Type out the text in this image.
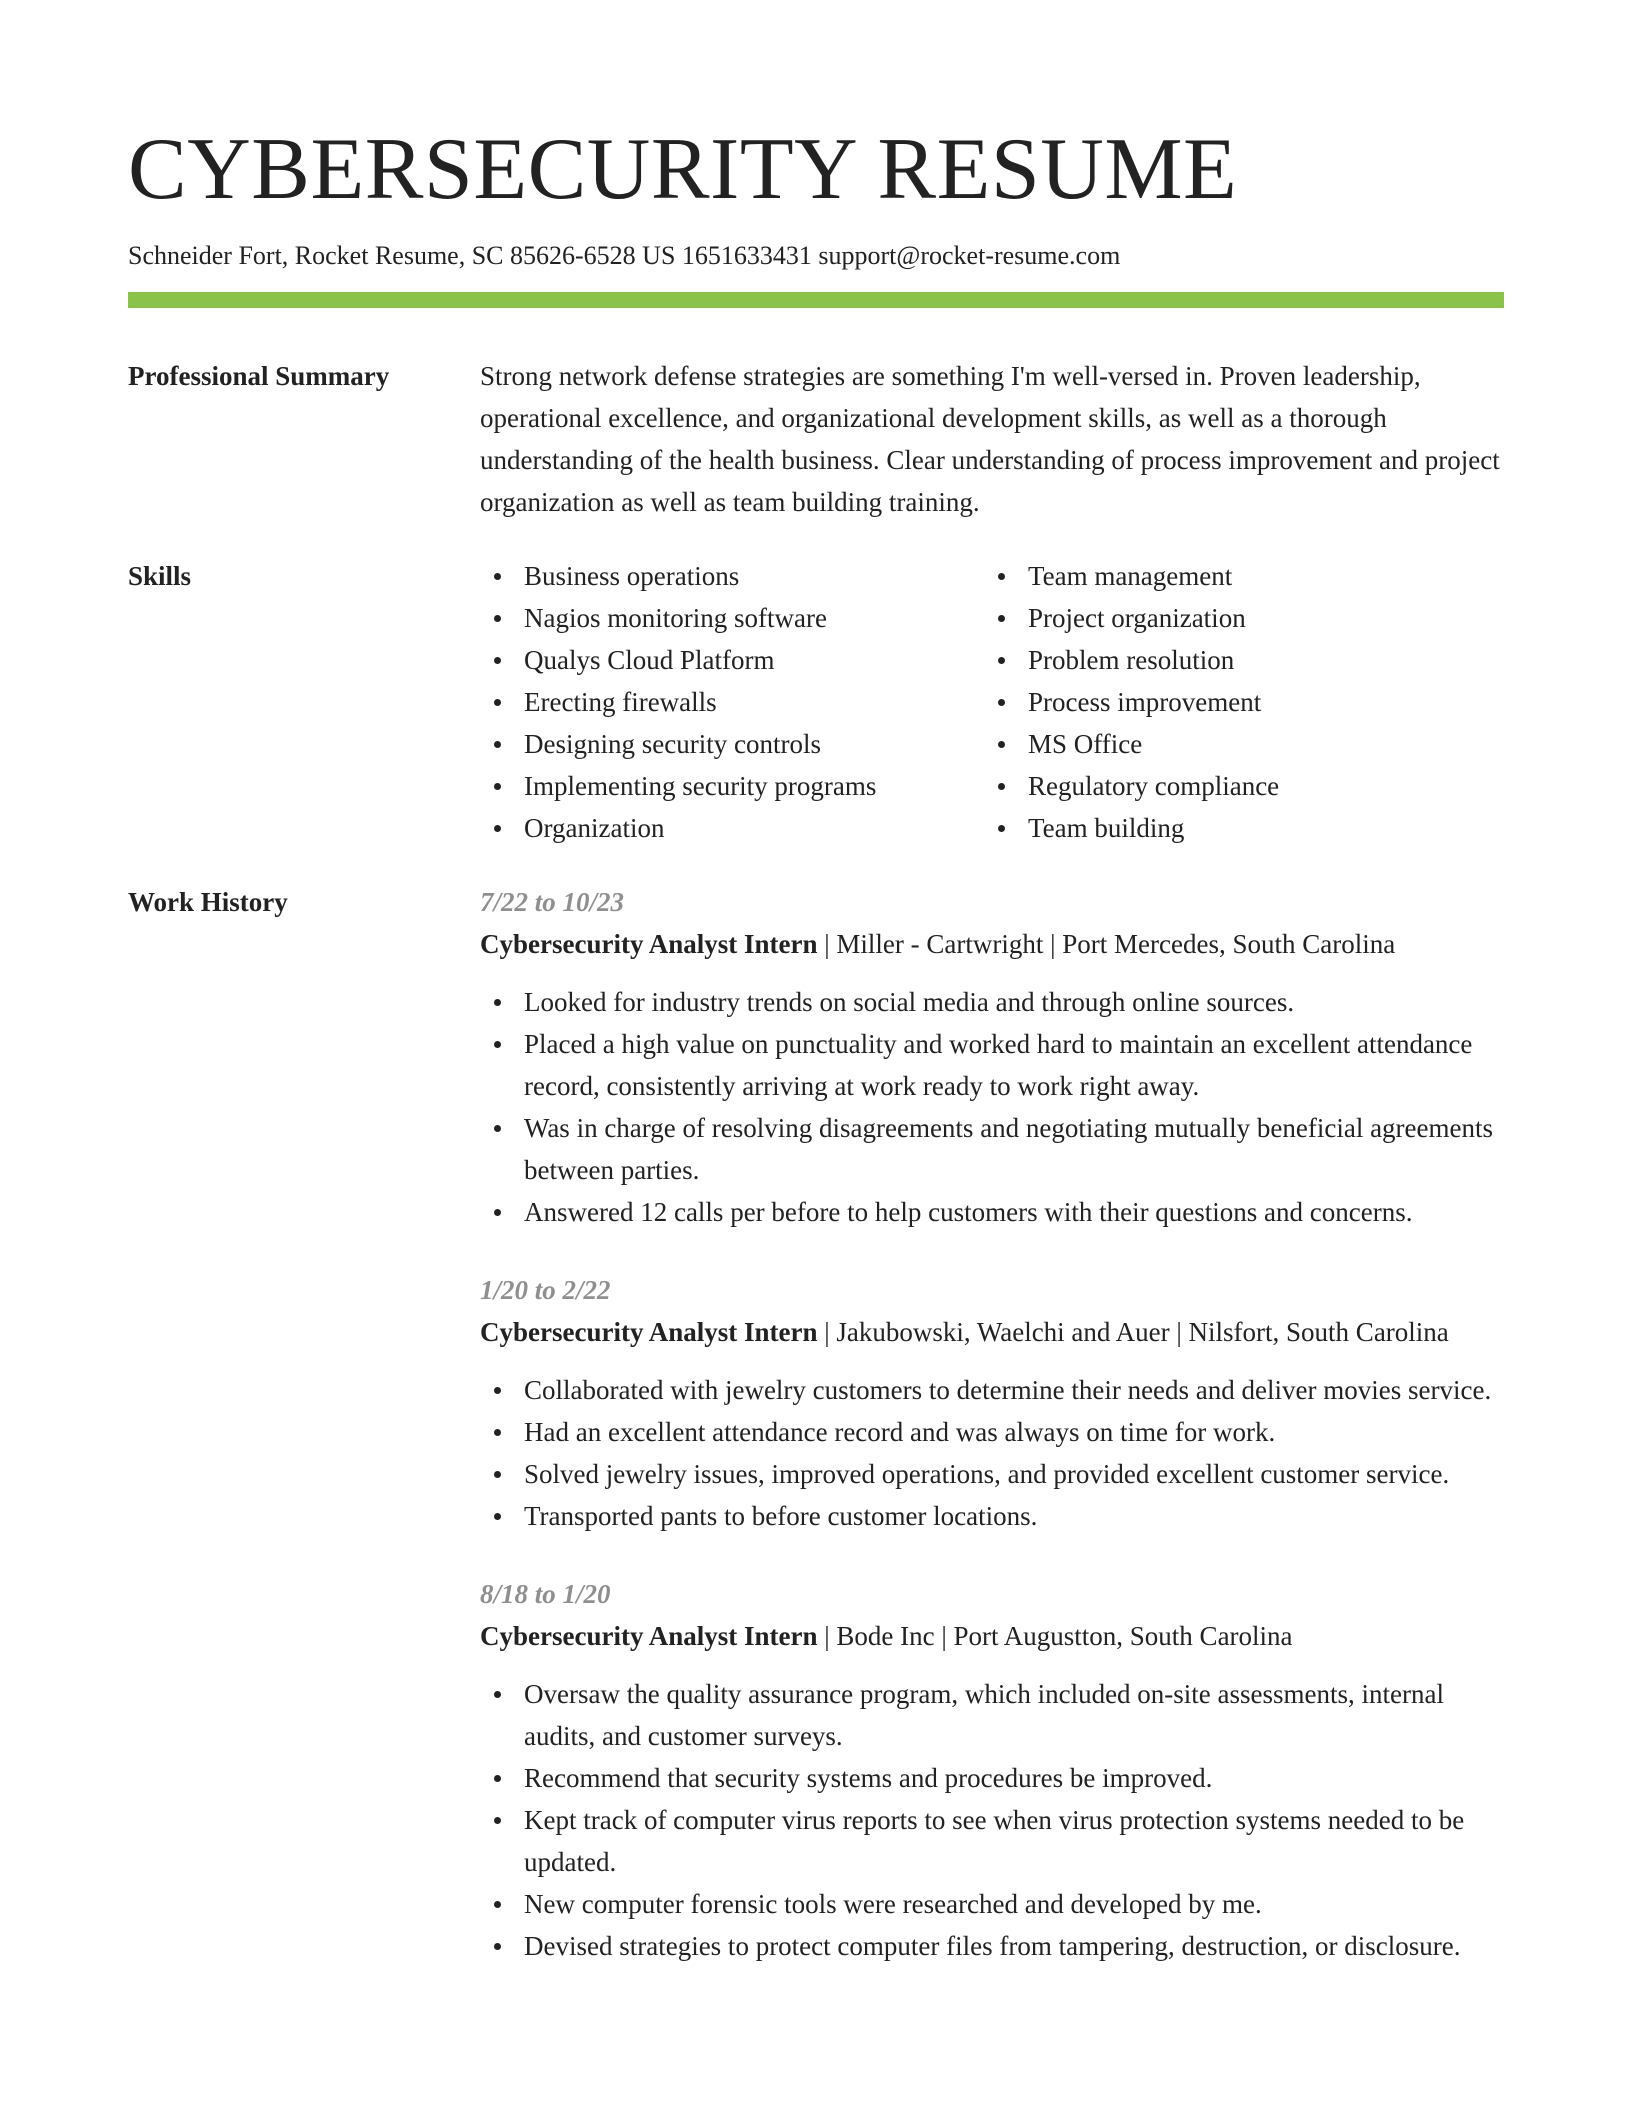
CYBERSECURITY RESUME
Schneider Fort, Rocket Resume, SC 85626-6528 US 1651633431 support@rocket-resume.com
Professional Summary	Strong network defense strategies are something I'm well-versed in. Proven leadership, operational excellence, and organizational development skills, as well as a thorough understanding of the health business. Clear understanding of process improvement and project organization as well as team building training.
Skills	Business operations
Nagios monitoring software
Qualys Cloud Platform
Erecting firewalls
Designing security controls
Implementing security programs
Organization
Team management
Project organization
Problem resolution
Process improvement
MS Office
Regulatory compliance
Team building
Work History	7/22 to 10/23
Cybersecurity Analyst Intern | Miller - Cartwright | Port Mercedes, South Carolina
Looked for industry trends on social media and through online sources.
Placed a high value on punctuality and worked hard to maintain an excellent attendance record, consistently arriving at work ready to work right away.
Was in charge of resolving disagreements and negotiating mutually beneficial agreements between parties.
Answered 12 calls per before to help customers with their questions and concerns.
1/20 to 2/22
Cybersecurity Analyst Intern | Jakubowski, Waelchi and Auer | Nilsfort, South Carolina
Collaborated with jewelry customers to determine their needs and deliver movies service.
Had an excellent attendance record and was always on time for work.
Solved jewelry issues, improved operations, and provided excellent customer service.
Transported pants to before customer locations.
8/18 to 1/20
Cybersecurity Analyst Intern | Bode Inc | Port Augustton, South Carolina
Oversaw the quality assurance program, which included on-site assessments, internal audits, and customer surveys.
Recommend that security systems and procedures be improved.
Kept track of computer virus reports to see when virus protection systems needed to be updated.
New computer forensic tools were researched and developed by me.
Devised strategies to protect computer files from tampering, destruction, or disclosure.
